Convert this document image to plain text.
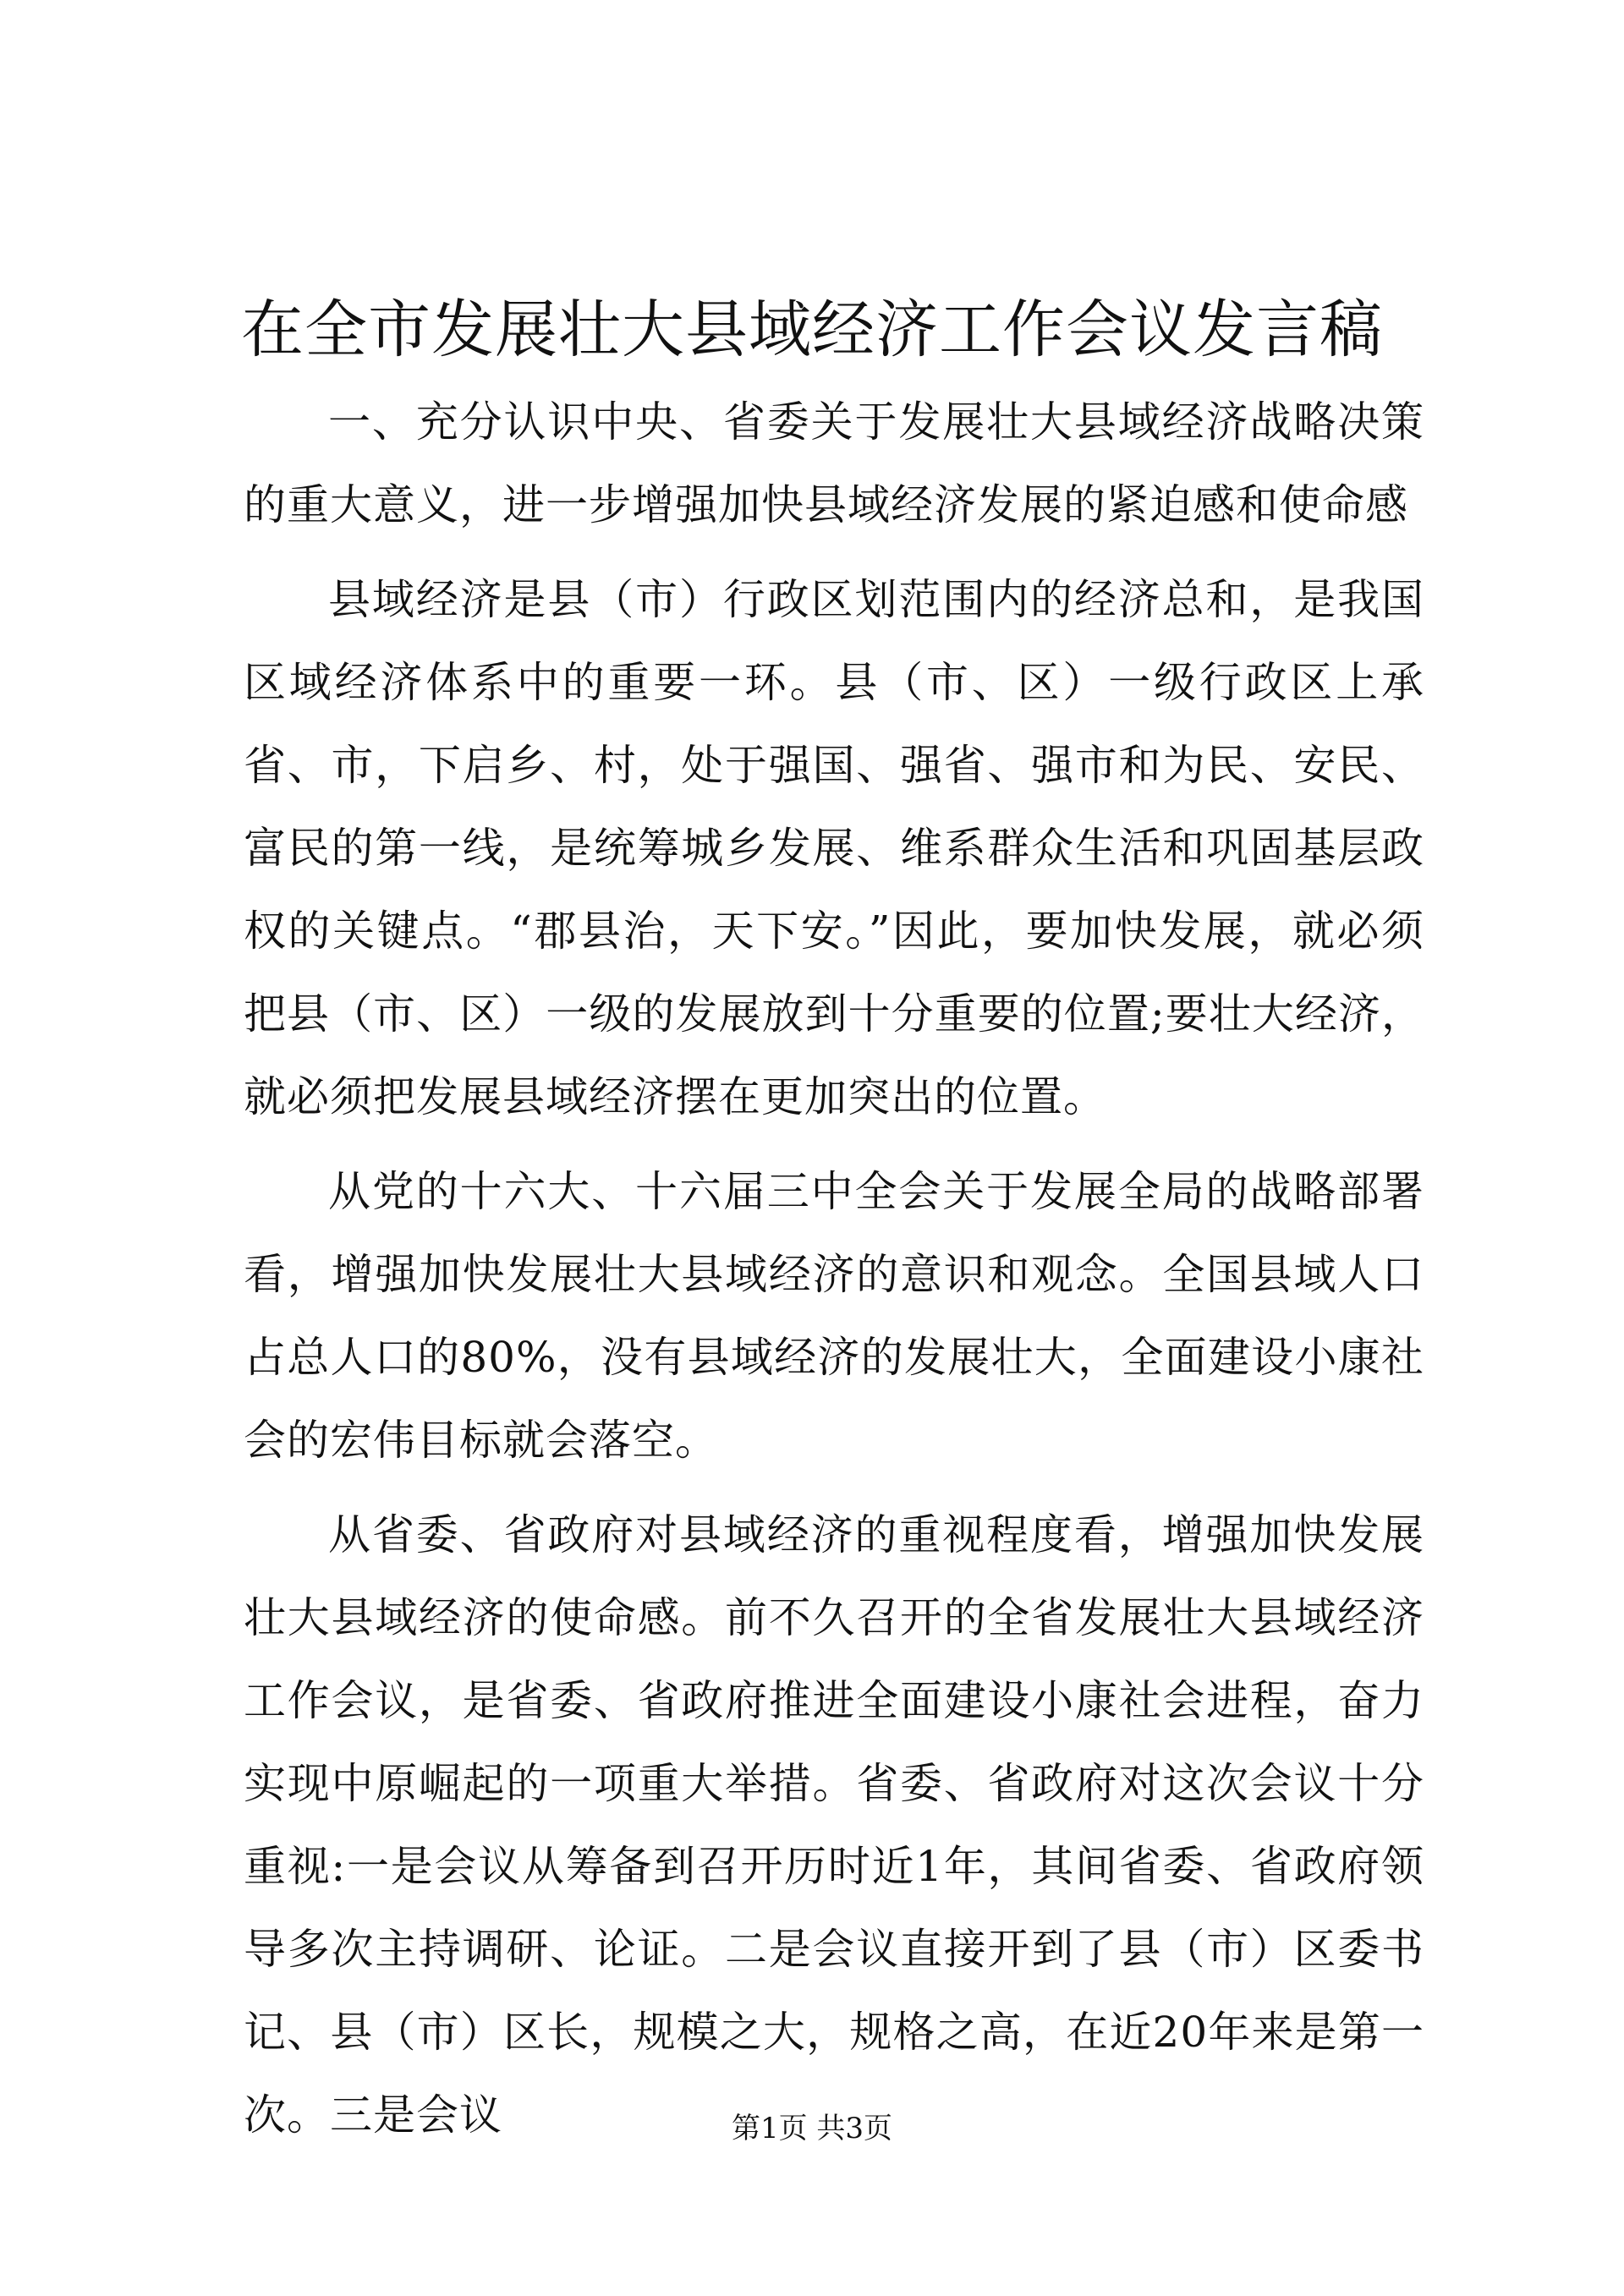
在全市发展壮大县域经济工作会议发言稿

一、充分认识中央、省委关于发展壮大县域经济战略决策的重大意义，进一步增强加快县域经济发展的紧迫感和使命感

县域经济是县（市）行政区划范围内的经济总和，是我国区域经济体系中的重要一环。县（市、区）一级行政区上承省、市，下启乡、村，处于强国、强省、强市和为民、安民、富民的第一线，是统筹城乡发展、维系群众生活和巩固基层政权的关键点。“郡县治，天下安。”因此，要加快发展，就必须把县（市、区）一级的发展放到十分重要的位置;要壮大经济，就必须把发展县域经济摆在更加突出的位置。

从党的十六大、十六届三中全会关于发展全局的战略部署看，增强加快发展壮大县域经济的意识和观念。全国县域人口占总人口的80%，没有县域经济的发展壮大，全面建设小康社会的宏伟目标就会落空。

从省委、省政府对县域经济的重视程度看，增强加快发展壮大县域经济的使命感。前不久召开的全省发展壮大县域经济工作会议，是省委、省政府推进全面建设小康社会进程，奋力实现中原崛起的一项重大举措。省委、省政府对这次会议十分重视:一是会议从筹备到召开历时近1年，其间省委、省政府领导多次主持调研、论证。二是会议直接开到了县（市）区委书记、县（市）区长，规模之大，规格之高，在近20年来是第一次。三是会议	第1页 共3页
